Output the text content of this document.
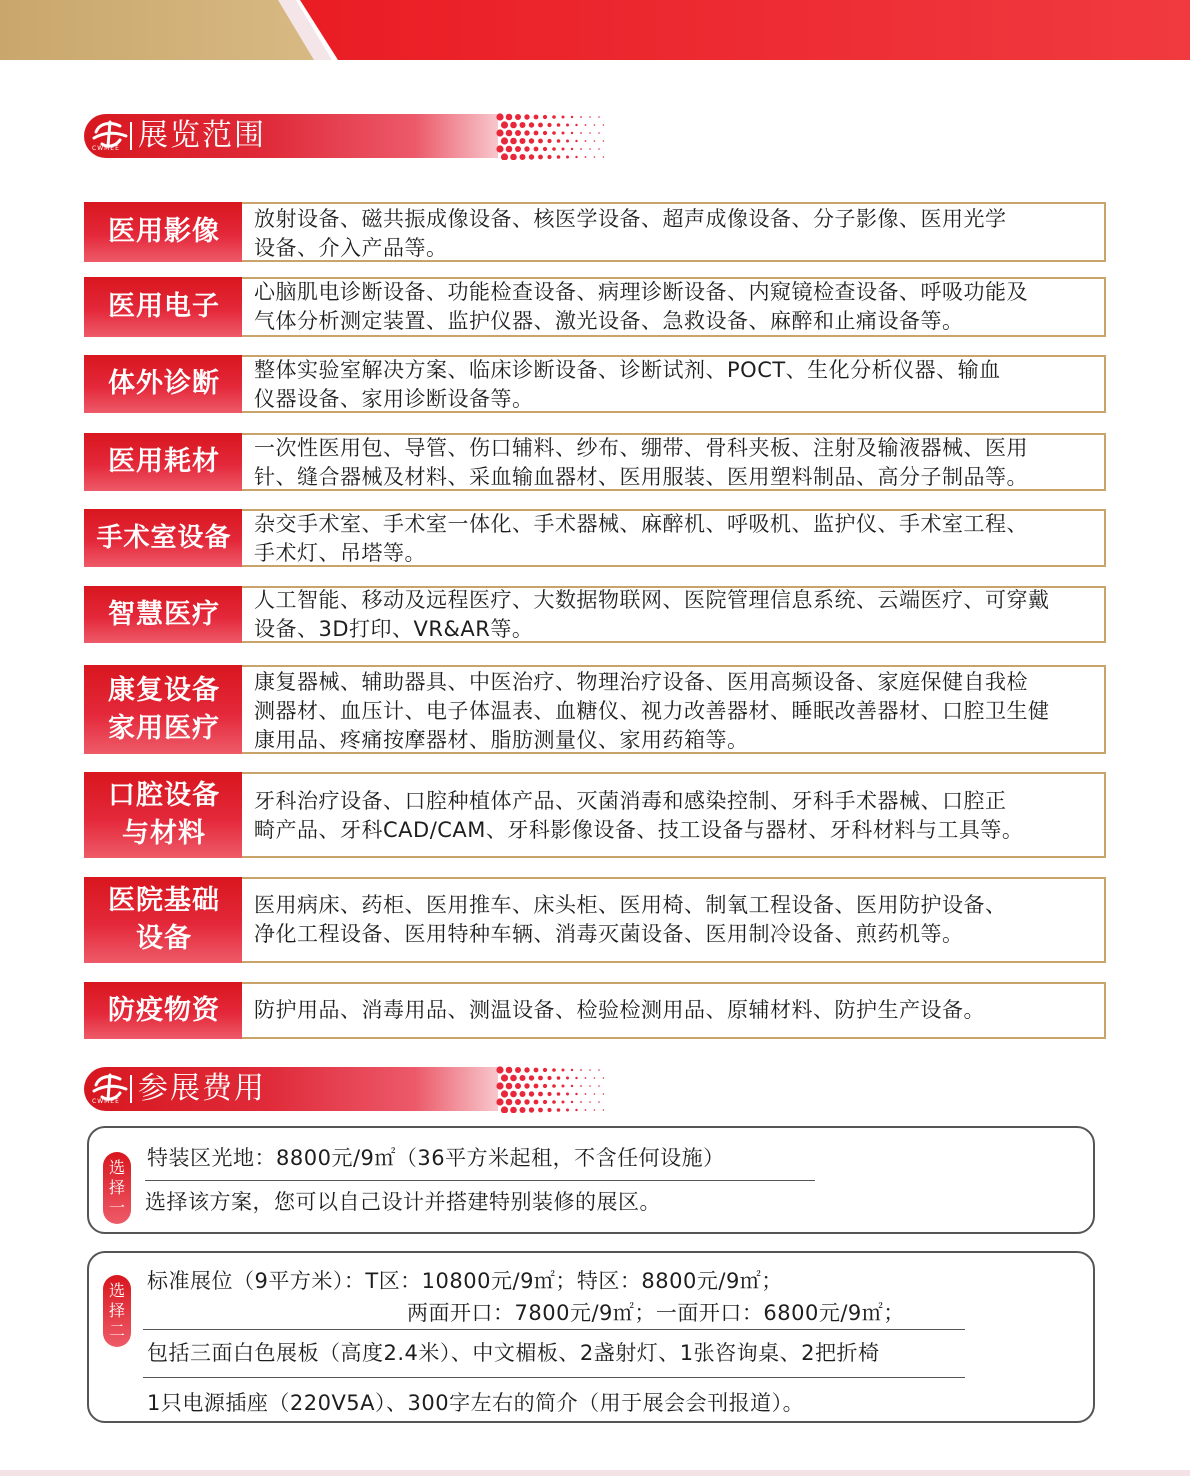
CWMEE 展览范围
医用影像 放射设备、磁共振成像设备、核医学设备、超声成像设备、分子影像、医用光学
设备、介入产品等。
医用电子 心脑肌电诊断设备、功能检查设备、病理诊断设备、内窥镜检查设备、呼吸功能及
气体分析测定装置、监护仪器、激光设备、急救设备、麻醉和止痛设备等。
体外诊断 整体实验室解决方案、临床诊断设备、诊断试剂、POCT、生化分析仪器、输血
仪器设备、家用诊断设备等。
医用耗材 一次性医用包、导管、伤口辅料、纱布、绷带、骨科夹板、注射及输液器械、医用
针、缝合器械及材料、采血输血器材、医用服装、医用塑料制品、高分子制品等。
手术室设备 杂交手术室、手术室一体化、手术器械、麻醉机、呼吸机、监护仪、手术室工程、
手术灯、吊塔等。
智慧医疗 人工智能、移动及远程医疗、大数据物联网、医院管理信息系统、云端医疗、可穿戴
设备、3D打印、VR&AR等。
康复设备
家用医疗
康复器械、辅助器具、中医治疗、物理治疗设备、医用高频设备、家庭保健自我检
测器材、血压计、电子体温表、血糖仪、视力改善器材、睡眠改善器材、口腔卫生健
康用品、疼痛按摩器材、脂肪测量仪、家用药箱等。
口腔设备
与材料
牙科治疗设备、口腔种植体产品、灭菌消毒和感染控制、牙科手术器械、口腔正
畸产品、牙科CAD/CAM、牙科影像设备、技工设备与器材、牙科材料与工具等。
医院基础
设备
医用病床、药柜、医用推车、床头柜、医用椅、制氧工程设备、医用防护设备、
净化工程设备、医用特种车辆、消毒灭菌设备、医用制冷设备、煎药机等。
防疫物资 防护用品、消毒用品、测温设备、检验检测用品、原辅材料、防护生产设备。
CWMEE 参展费用
选
择
一
特装区光地：8800元/9㎡（36平方米起租，不含任何设施）
选择该方案，您可以自己设计并搭建特别装修的展区。
选
择
二
标准展位（9平方米）：T区：10800元/9㎡；特区：8800元/9㎡；
两面开口：7800元/9㎡；一面开口：6800元/9㎡；
包括三面白色展板（高度2.4米）、中文楣板、2盏射灯、1张咨询桌、2把折椅
1只电源插座（220V5A）、300字左右的简介（用于展会会刊报道）。
